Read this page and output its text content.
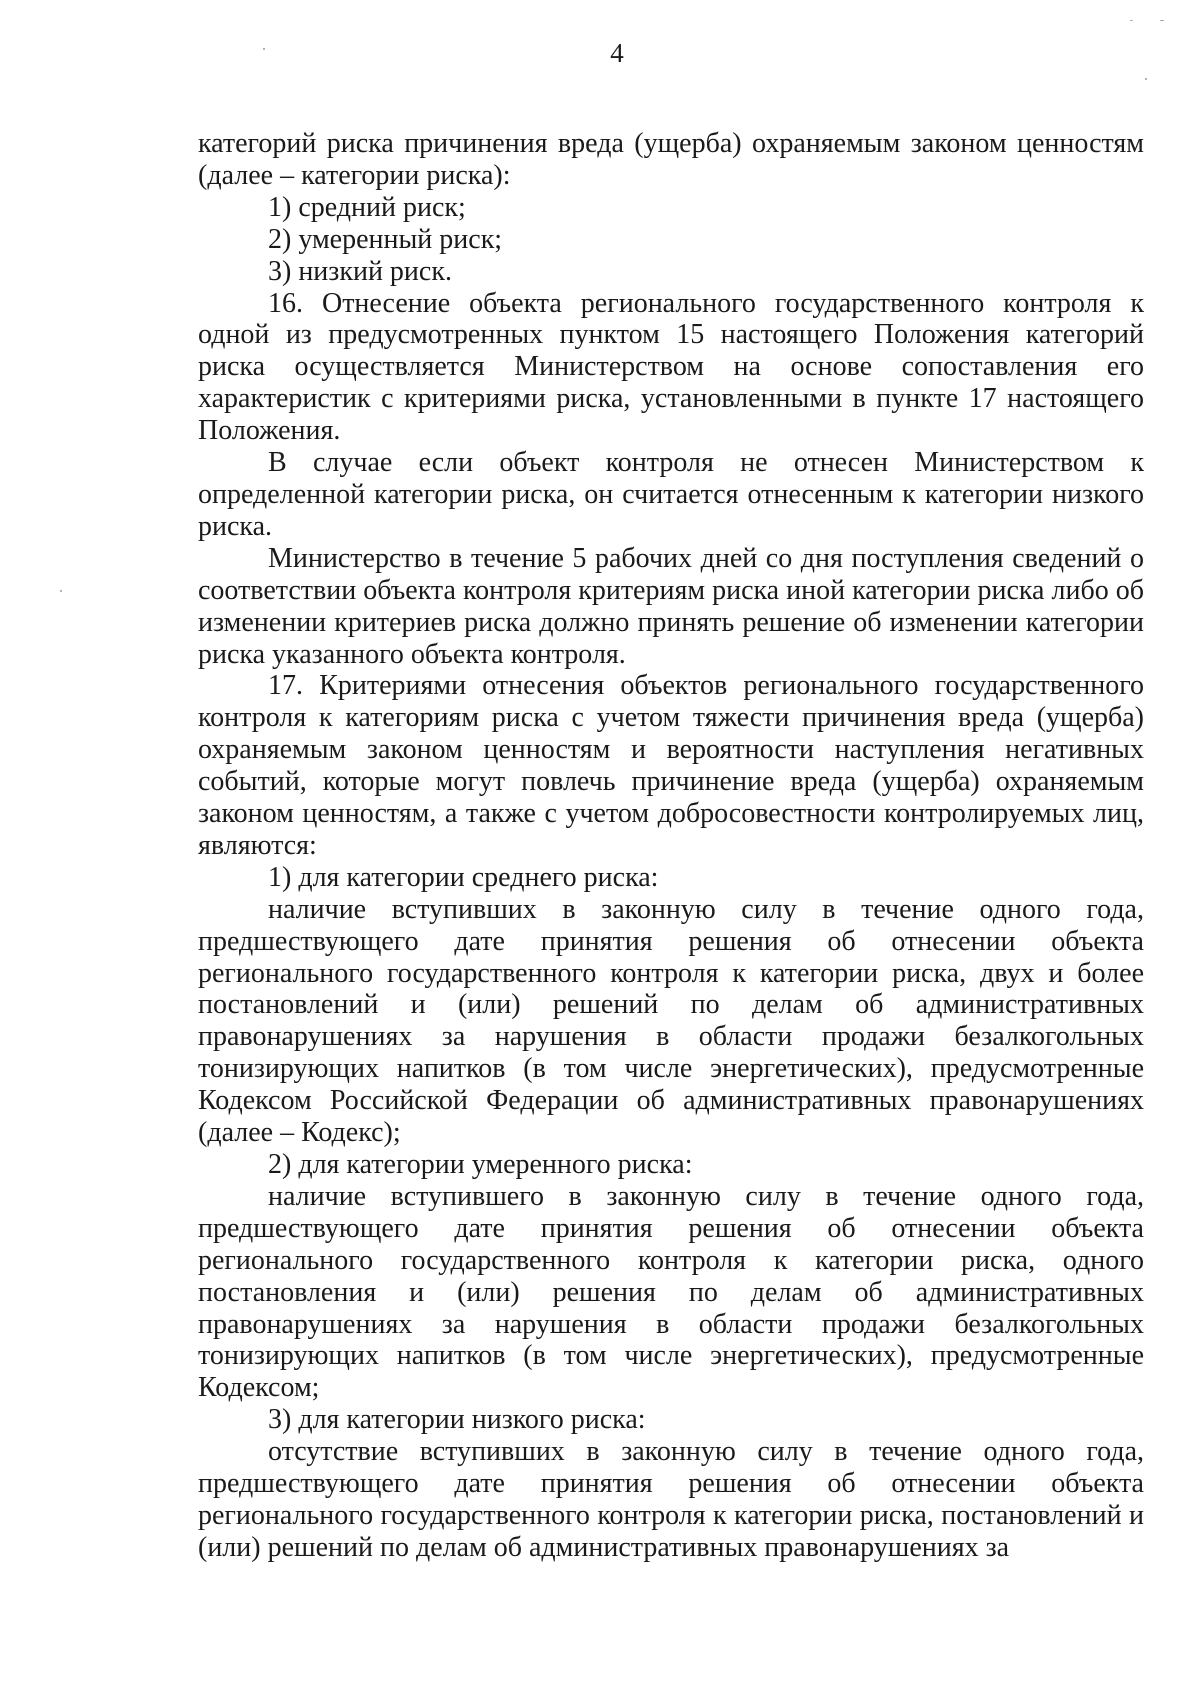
4

категорий риска причинения вреда (ущерба) охраняемым законом ценностям (далее – категории риска):

1) средний риск;

2) умеренный риск;

3) низкий риск.

16. Отнесение объекта регионального государственного контроля к одной из предусмотренных пунктом 15 настоящего Положения категорий риска осуществляется Министерством на основе сопоставления его характеристик с критериями риска, установленными в пункте 17 настоящего Положения.

В случае если объект контроля не отнесен Министерством к определенной категории риска, он считается отнесенным к категории низкого риска.

Министерство в течение 5 рабочих дней со дня поступления сведений о соответствии объекта контроля критериям риска иной категории риска либо об изменении критериев риска должно принять решение об изменении категории риска указанного объекта контроля.

17. Критериями отнесения объектов регионального государственного контроля к категориям риска с учетом тяжести причинения вреда (ущерба) охраняемым законом ценностям и вероятности наступления негативных событий, которые могут повлечь причинение вреда (ущерба) охраняемым законом ценностям, а также с учетом добросовестности контролируемых лиц, являются:

1) для категории среднего риска:

наличие вступивших в законную силу в течение одного года, предшествующего дате принятия решения об отнесении объекта регионального государственного контроля к категории риска, двух и более постановлений и (или) решений по делам об административных правонарушениях за нарушения в области продажи безалкогольных тонизирующих напитков (в том числе энергетических), предусмотренные Кодексом Российской Федерации об административных правонарушениях (далее – Кодекс);

2) для категории умеренного риска:

наличие вступившего в законную силу в течение одного года, предшествующего дате принятия решения об отнесении объекта регионального государственного контроля к категории риска, одного постановления и (или) решения по делам об административных правонарушениях за нарушения в области продажи безалкогольных тонизирующих напитков (в том числе энергетических), предусмотренные Кодексом;

3) для категории низкого риска:

отсутствие вступивших в законную силу в течение одного года, предшествующего дате принятия решения об отнесении объекта регионального государственного контроля к категории риска, постановлений и (или) решений по делам об административных правонарушениях за
